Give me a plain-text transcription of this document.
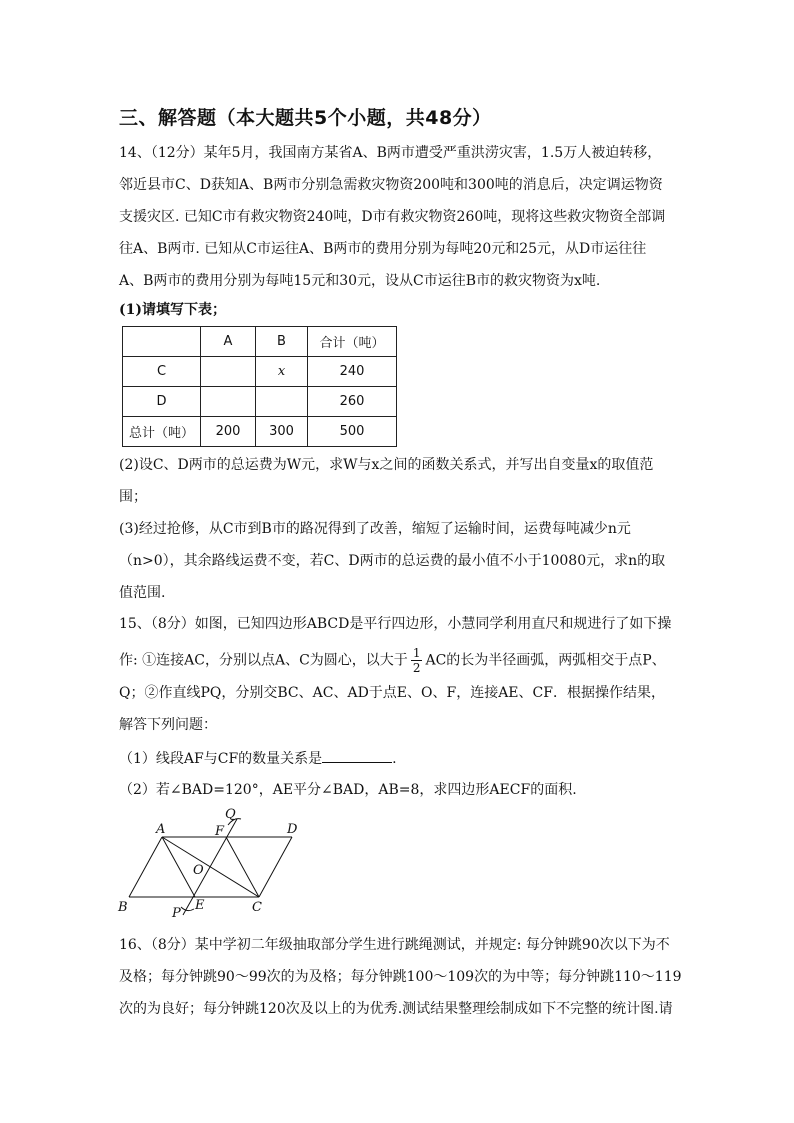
三、解答题（本大题共5个小题，共48分）
14、（12分）某年5月，我国南方某省A、B两市遭受严重洪涝灾害，1.5万人被迫转移，
邻近县市C、D获知A、B两市分别急需救灾物资200吨和300吨的消息后，决定调运物资
支援灾区. 已知C市有救灾物资240吨，D市有救灾物资260吨，现将这些救灾物资全部调
往A、B两市. 已知从C市运往A、B两市的费用分别为每吨20元和25元，从D市运往往
A、B两市的费用分别为每吨15元和30元，设从C市运往B市的救灾物资为x吨.
(1)请填写下表；
	A	B	合计（吨）
C		x	240
D			260
总计（吨）	200	300	500
(2)设C、D两市的总运费为W元，求W与x之间的函数关系式，并写出自变量x的取值范
围；
(3)经过抢修，从C市到B市的路况得到了改善，缩短了运输时间，运费每吨减少n元
（n>0），其余路线运费不变，若C、D两市的总运费的最小值不小于10080元，求n的取
值范围.
15、（8分）如图，已知四边形ABCD是平行四边形，小慧同学利用直尺和规进行了如下操
作: ①连接AC，分别以点A、C为圆心，以大于 $\frac{1}{2}$ AC的长为半径画弧，两弧相交于点P、
Q；②作直线PQ，分别交BC、AC、AD于点E、O、F，连接AE、CF．根据操作结果，
解答下列问题：
（1）线段AF与CF的数量关系是	.
（2）若∠BAD=120°，AE平分∠BAD，AB=8，求四边形AECF的面积.
A
B	C
D
E
F
O
P
Q
16、（8分）某中学初二年级抽取部分学生进行跳绳测试，并规定: 每分钟跳90次以下为不
及格；每分钟跳90～99次的为及格；每分钟跳100～109次的为中等；每分钟跳110～119
次的为良好；每分钟跳120次及以上的为优秀.测试结果整理绘制成如下不完整的统计图.请
